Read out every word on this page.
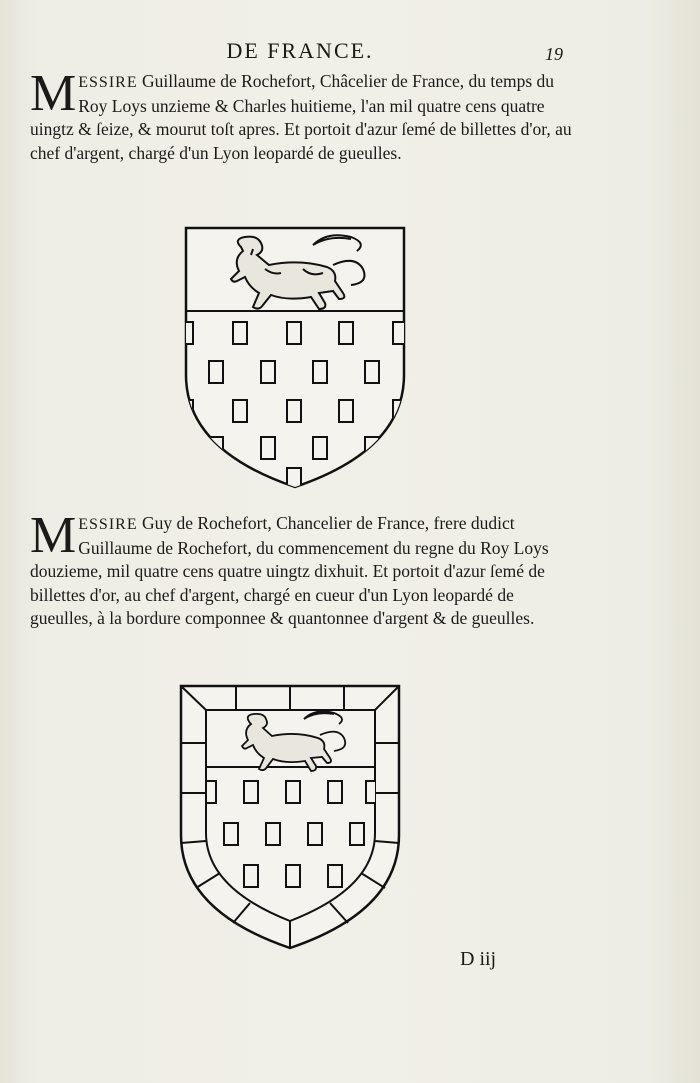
DE FRANCE.	19
MESSIRE Guillaume de Rochefort, Châcelier de France, du temps du Roy Loys unzieme & Charles huitieme, l'an mil quatre cens quatre uingtz & ſeize, & mourut toſt apres. Et portoit d'azur ſemé de billettes d'or, au chef d'argent, chargé d'un Lyon leopardé de gueulles.
MESSIRE Guy de Rochefort, Chancelier de France, frere dudict Guillaume de Rochefort, du commencement du regne du Roy Loys douzieme, mil quatre cens quatre uingtz dixhuit. Et portoit d'azur ſemé de billettes d'or, au chef d'argent, chargé en cueur d'un Lyon leopardé de gueulles, à la bordure componnee & quantonnee d'argent & de gueulles.
D iij
